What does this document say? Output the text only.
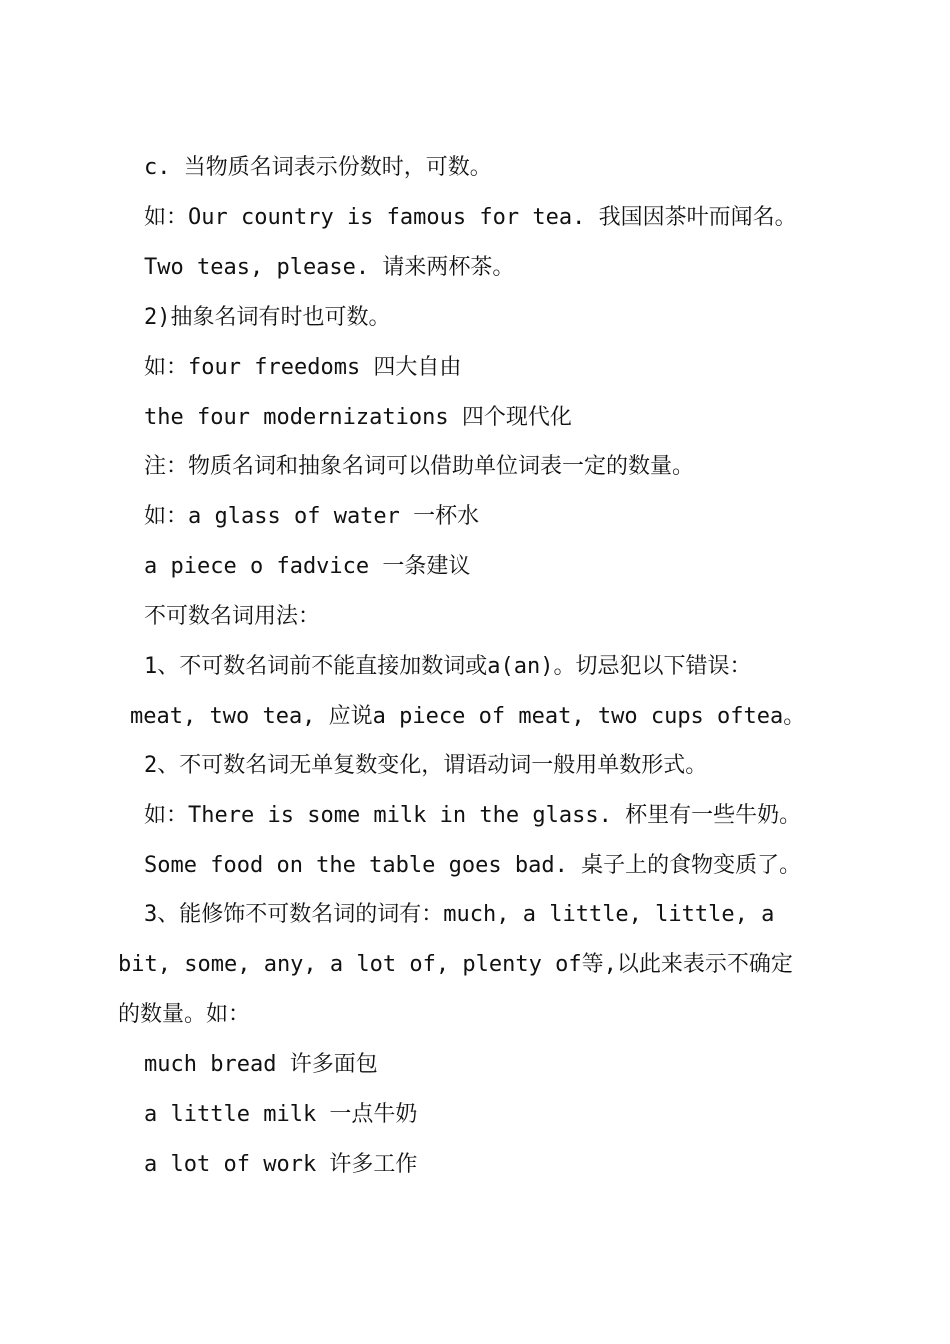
c. 当物质名词表示份数时，可数。
如：Our country is famous for tea. 我国因茶叶而闻名。
Two teas, please. 请来两杯茶。
2)抽象名词有时也可数。
如：four freedoms 四大自由
the four modernizations 四个现代化
注：物质名词和抽象名词可以借助单位词表一定的数量。
如：a glass of water 一杯水
a piece o fadvice 一条建议
不可数名词用法：
1、不可数名词前不能直接加数词或a(an)。切忌犯以下错误：
meat, two tea, 应说a piece of meat, two cups oftea。
2、不可数名词无单复数变化，谓语动词一般用单数形式。
如：There is some milk in the glass. 杯里有一些牛奶。
Some food on the table goes bad. 桌子上的食物变质了。
3、能修饰不可数名词的词有：much, a little, little, a
bit, some, any, a lot of, plenty of等,以此来表示不确定
的数量。如：
much bread 许多面包
a little milk 一点牛奶
a lot of work 许多工作
